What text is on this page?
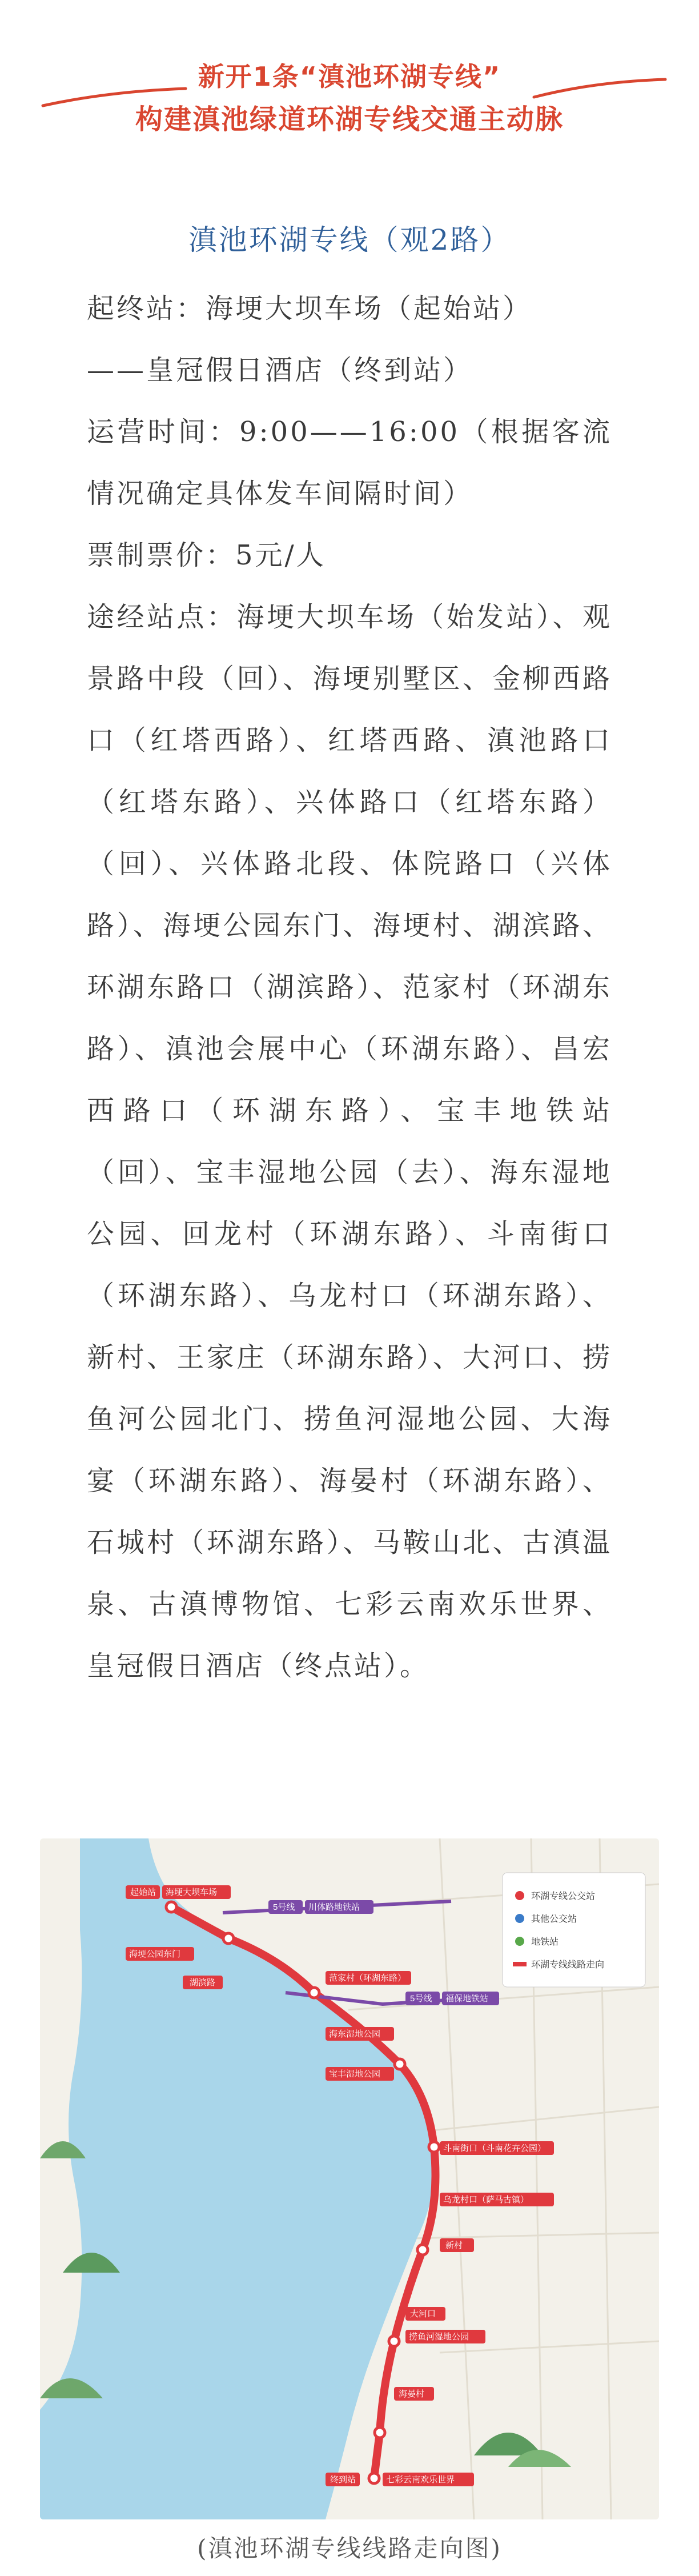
新开1条“滇池环湖专线”
构建滇池绿道环湖专线交通主动脉
滇池环湖专线（观2路）

起终站：海埂大坝车场（起始站）

——皇冠假日酒店（终到站）

运营时间：9:00——16:00（根据客流情况确定具体发车间隔时间）

票制票价：5元/人

途经站点：海埂大坝车场（始发站）、观景路中段（回）、海埂别墅区、金柳西路口（红塔西路）、红塔西路、滇池路口（红塔东路）、兴体路口（红塔东路）（回）、兴体路北段、体院路口（兴体路）、海埂公园东门、海埂村、湖滨路、环湖东路口（湖滨路）、范家村（环湖东路）、滇池会展中心（环湖东路）、昌宏西路口（环湖东路）、宝丰地铁站（回）、宝丰湿地公园（去）、海东湿地公园、回龙村（环湖东路）、斗南街口（环湖东路）、乌龙村口（环湖东路）、新村、王家庄（环湖东路）、大河口、捞鱼河公园北门、捞鱼河湿地公园、大海宴（环湖东路）、海晏村（环湖东路）、石城村（环湖东路）、马鞍山北、古滇温泉、古滇博物馆、七彩云南欢乐世界、皇冠假日酒店（终点站）。

环湖专线公交站
其他公交站
地铁站
环湖专线线路走向
起始站 海埂大坝车场
海埂公园东门
湖滨路	范家村（环湖东路）
海东湿地公园
宝丰湿地公园
斗南街口（斗南花卉公园）
乌龙村口（萨马古镇）
新村
大河口
捞鱼河湿地公园
海晏村
终到站	七彩云南欢乐世界
5号线
5号线
川体路地铁站
福保地铁站
(滇池环湖专线线路走向图)
